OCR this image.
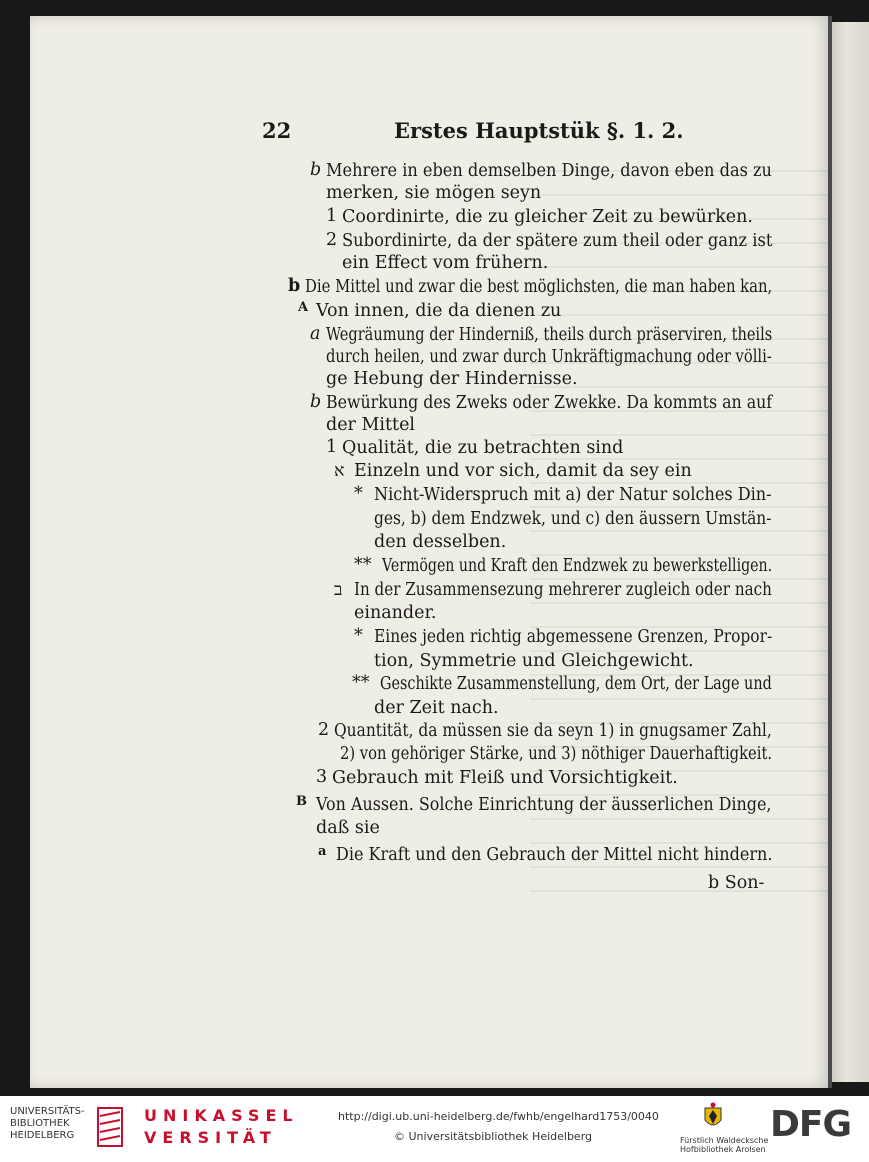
22	Erstes Hauptstük §. 1. 2.
b Mehrere in eben demselben Dinge, davon eben das zu
merken, sie mögen seyn
1 Coordinirte, die zu gleicher Zeit zu bewürken.
2 Subordinirte, da der spätere zum theil oder ganz ist
ein Effect vom frühern.
b Die Mittel und zwar die best möglichsten, die man haben kan,
A Von innen, die da dienen zu
a Wegräumung der Hinderniß, theils durch präserviren, theils
durch heilen, und zwar durch Unkräftigmachung oder völli-
ge Hebung der Hindernisse.
b Bewürkung des Zweks oder Zwekke. Da kommts an auf
der Mittel
1 Qualität, die zu betrachten sind
א Einzeln und vor sich, damit da sey ein
* Nicht-Widerspruch mit a) der Natur solches Din-
ges, b) dem Endzwek, und c) den äussern Umstän-
den desselben.
** Vermögen und Kraft den Endzwek zu bewerkstelligen.
ב In der Zusammensezung mehrerer zugleich oder nach
einander.
* Eines jeden richtig abgemessene Grenzen, Propor-
tion, Symmetrie und Gleichgewicht.
** Geschikte Zusammenstellung, dem Ort, der Lage und
der Zeit nach.
2 Quantität, da müssen sie da seyn 1) in gnugsamer Zahl,
2) von gehöriger Stärke, und 3) nöthiger Dauerhaftigkeit.
3 Gebrauch mit Fleiß und Vorsichtigkeit.
B Von Aussen. Solche Einrichtung der äusserlichen Dinge,
daß sie
a Die Kraft und den Gebrauch der Mittel nicht hindern.
b Son-
UNIVERSITÄTS-
BIBLIOTHEK
HEIDELBERG
UNIKASSEL
VERSITÄT
http://digi.ub.uni-heidelberg.de/fwhb/engelhard1753/0040
© Universitätsbibliothek Heidelberg	Fürstlich Waldecksche
Hofbibliothek Arolsen
DFG
